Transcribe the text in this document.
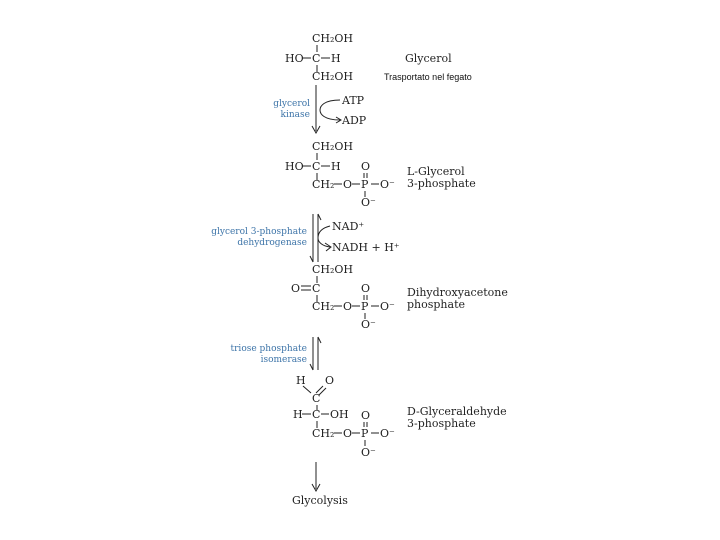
CH₂OH
HO C H
CH₂OH
Glycerol
Trasportato nel fegato
glycerol
kinase
ATP
ADP
CH₂OH
HO C H
CH₂ O P O⁻
O
O⁻
L-Glycerol
3-phosphate
glycerol 3-phosphate
dehydrogenase
NAD⁺
NADH + H⁺
CH₂OH
O C
CH₂ O P O⁻
O
O⁻
Dihydroxyacetone
phosphate
triose phosphate
isomerase
H O
C
H C OH
CH₂ O P O⁻
O
O⁻
D-Glyceraldehyde
3-phosphate
Glycolysis
